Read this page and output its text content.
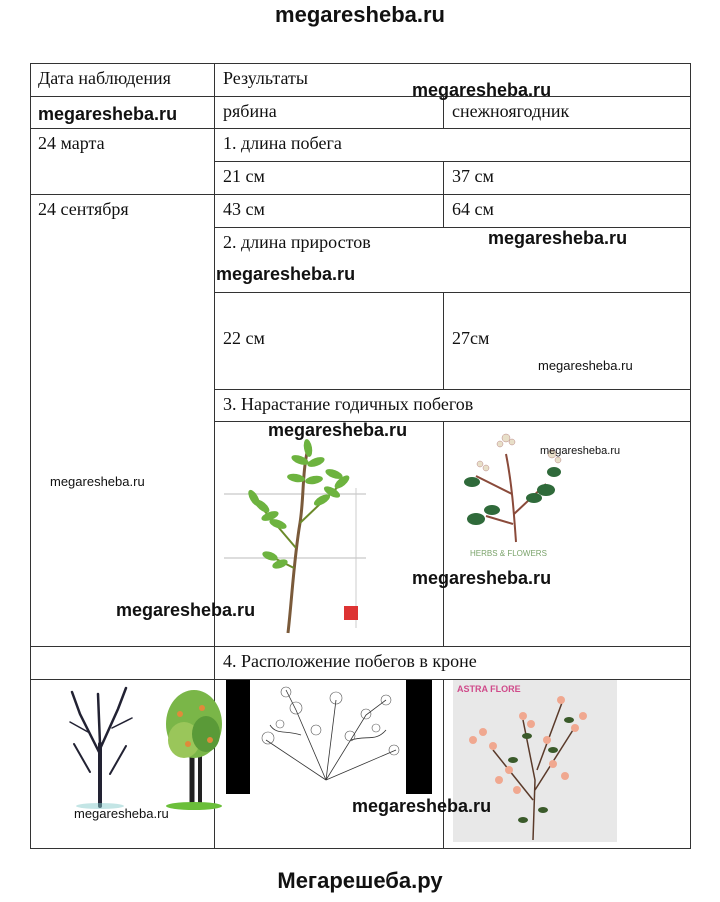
megaresheba.ru
Дата наблюдения	Результаты
рябина	снежноягодник
24 марта	1. длина побега
21 см	37 см
24 сентября	43 см	64 см
2. длина приростов
22 см	27см
3. Нарастание годичных побегов
4. Расположение побегов в кроне
HERBS & FLOWERS
ASTRA FLORE
megaresheba.ru
megaresheba.ru
megaresheba.ru
megaresheba.ru
megaresheba.ru
megaresheba.ru
megaresheba.ru
megaresheba.ru
megaresheba.ru
megaresheba.ru
megaresheba.ru
megaresheba.ru
Мегарешеба.ру
